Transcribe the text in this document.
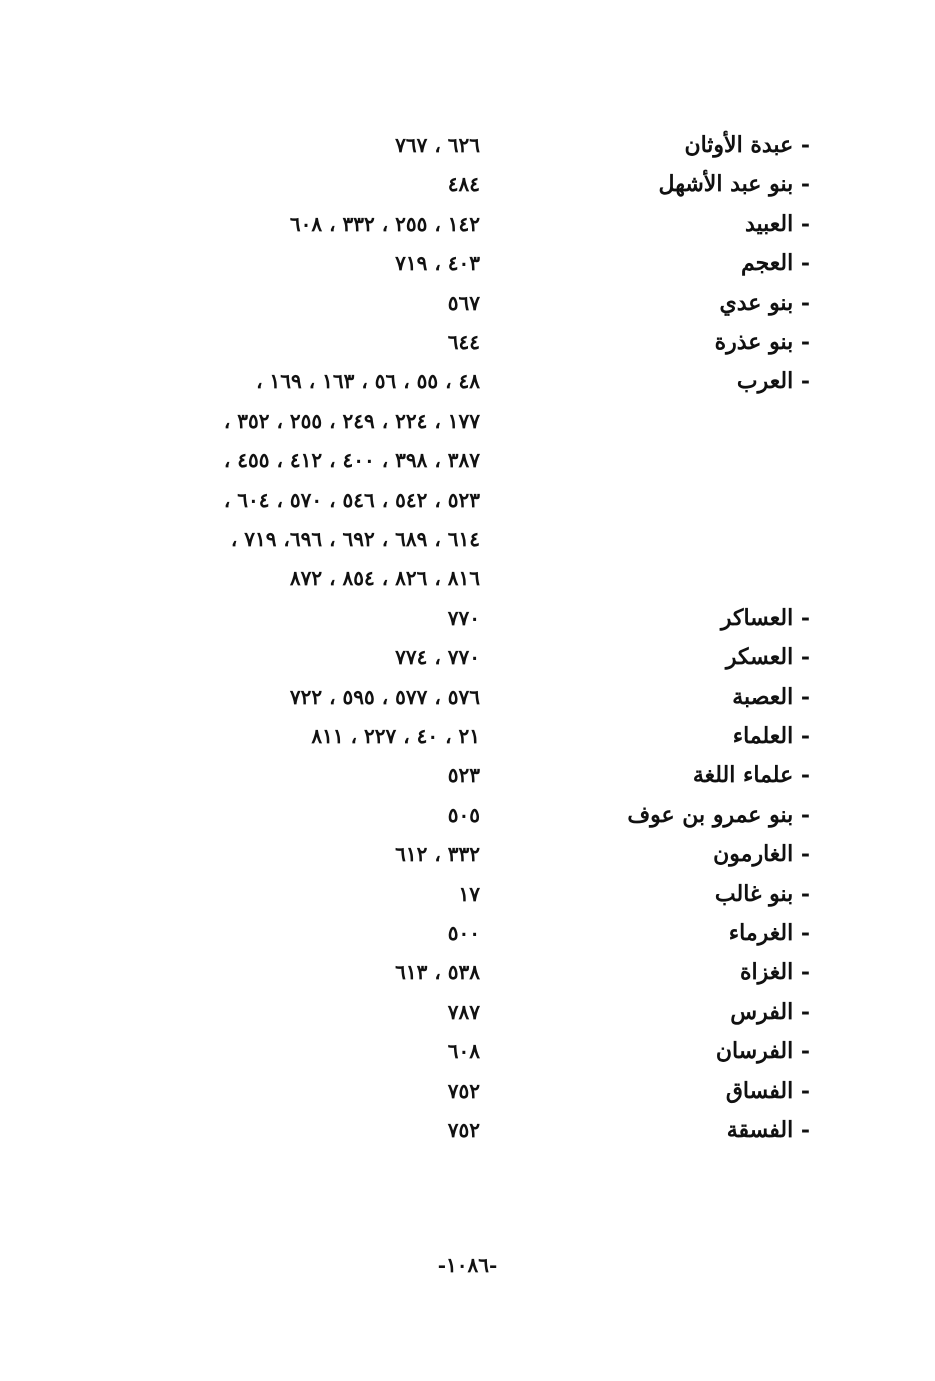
- عبدة الأوثان
٦٢٦ ، ٧٦٧
- بنو عبد الأشهل
٤٨٤
- العبيد
١٤٢ ، ٢٥٥ ، ٣٣٢ ، ٦٠٨
- العجم
٤٠٣ ، ٧١٩
- بنو عدي
٥٦٧
- بنو عذرة
٦٤٤
- العرب
٤٨ ، ٥٥ ، ٥٦ ، ١٦٣ ، ١٦٩ ،
١٧٧ ، ٢٢٤ ، ٢٤٩ ، ٢٥٥ ، ٣٥٢ ،
٣٨٧ ، ٣٩٨ ، ٤٠٠ ، ٤١٢ ، ٤٥٥ ،
٥٢٣ ، ٥٤٢ ، ٥٤٦ ، ٥٧٠ ، ٦٠٤ ،
٦١٤ ، ٦٨٩ ، ٦٩٢ ، ٦٩٦، ٧١٩ ،
٨١٦ ، ٨٢٦ ، ٨٥٤ ، ٨٧٢
- العساكر
٧٧٠
- العسكر
٧٧٠ ، ٧٧٤
- العصبة
٥٧٦ ، ٥٧٧ ، ٥٩٥ ، ٧٢٢
- العلماء
٢١ ، ٤٠ ، ٢٢٧ ، ٨١١
- علماء اللغة
٥٢٣
- بنو عمرو بن عوف
٥٠٥
- الغارمون
٣٣٢ ، ٦١٢
- بنو غالب
١٧
- الغرماء
٥٠٠
- الغزاة
٥٣٨ ، ٦١٣
- الفرس
٧٨٧
- الفرسان
٦٠٨
- الفساق
٧٥٢
- الفسقة
٧٥٢
-١٠٨٦-
